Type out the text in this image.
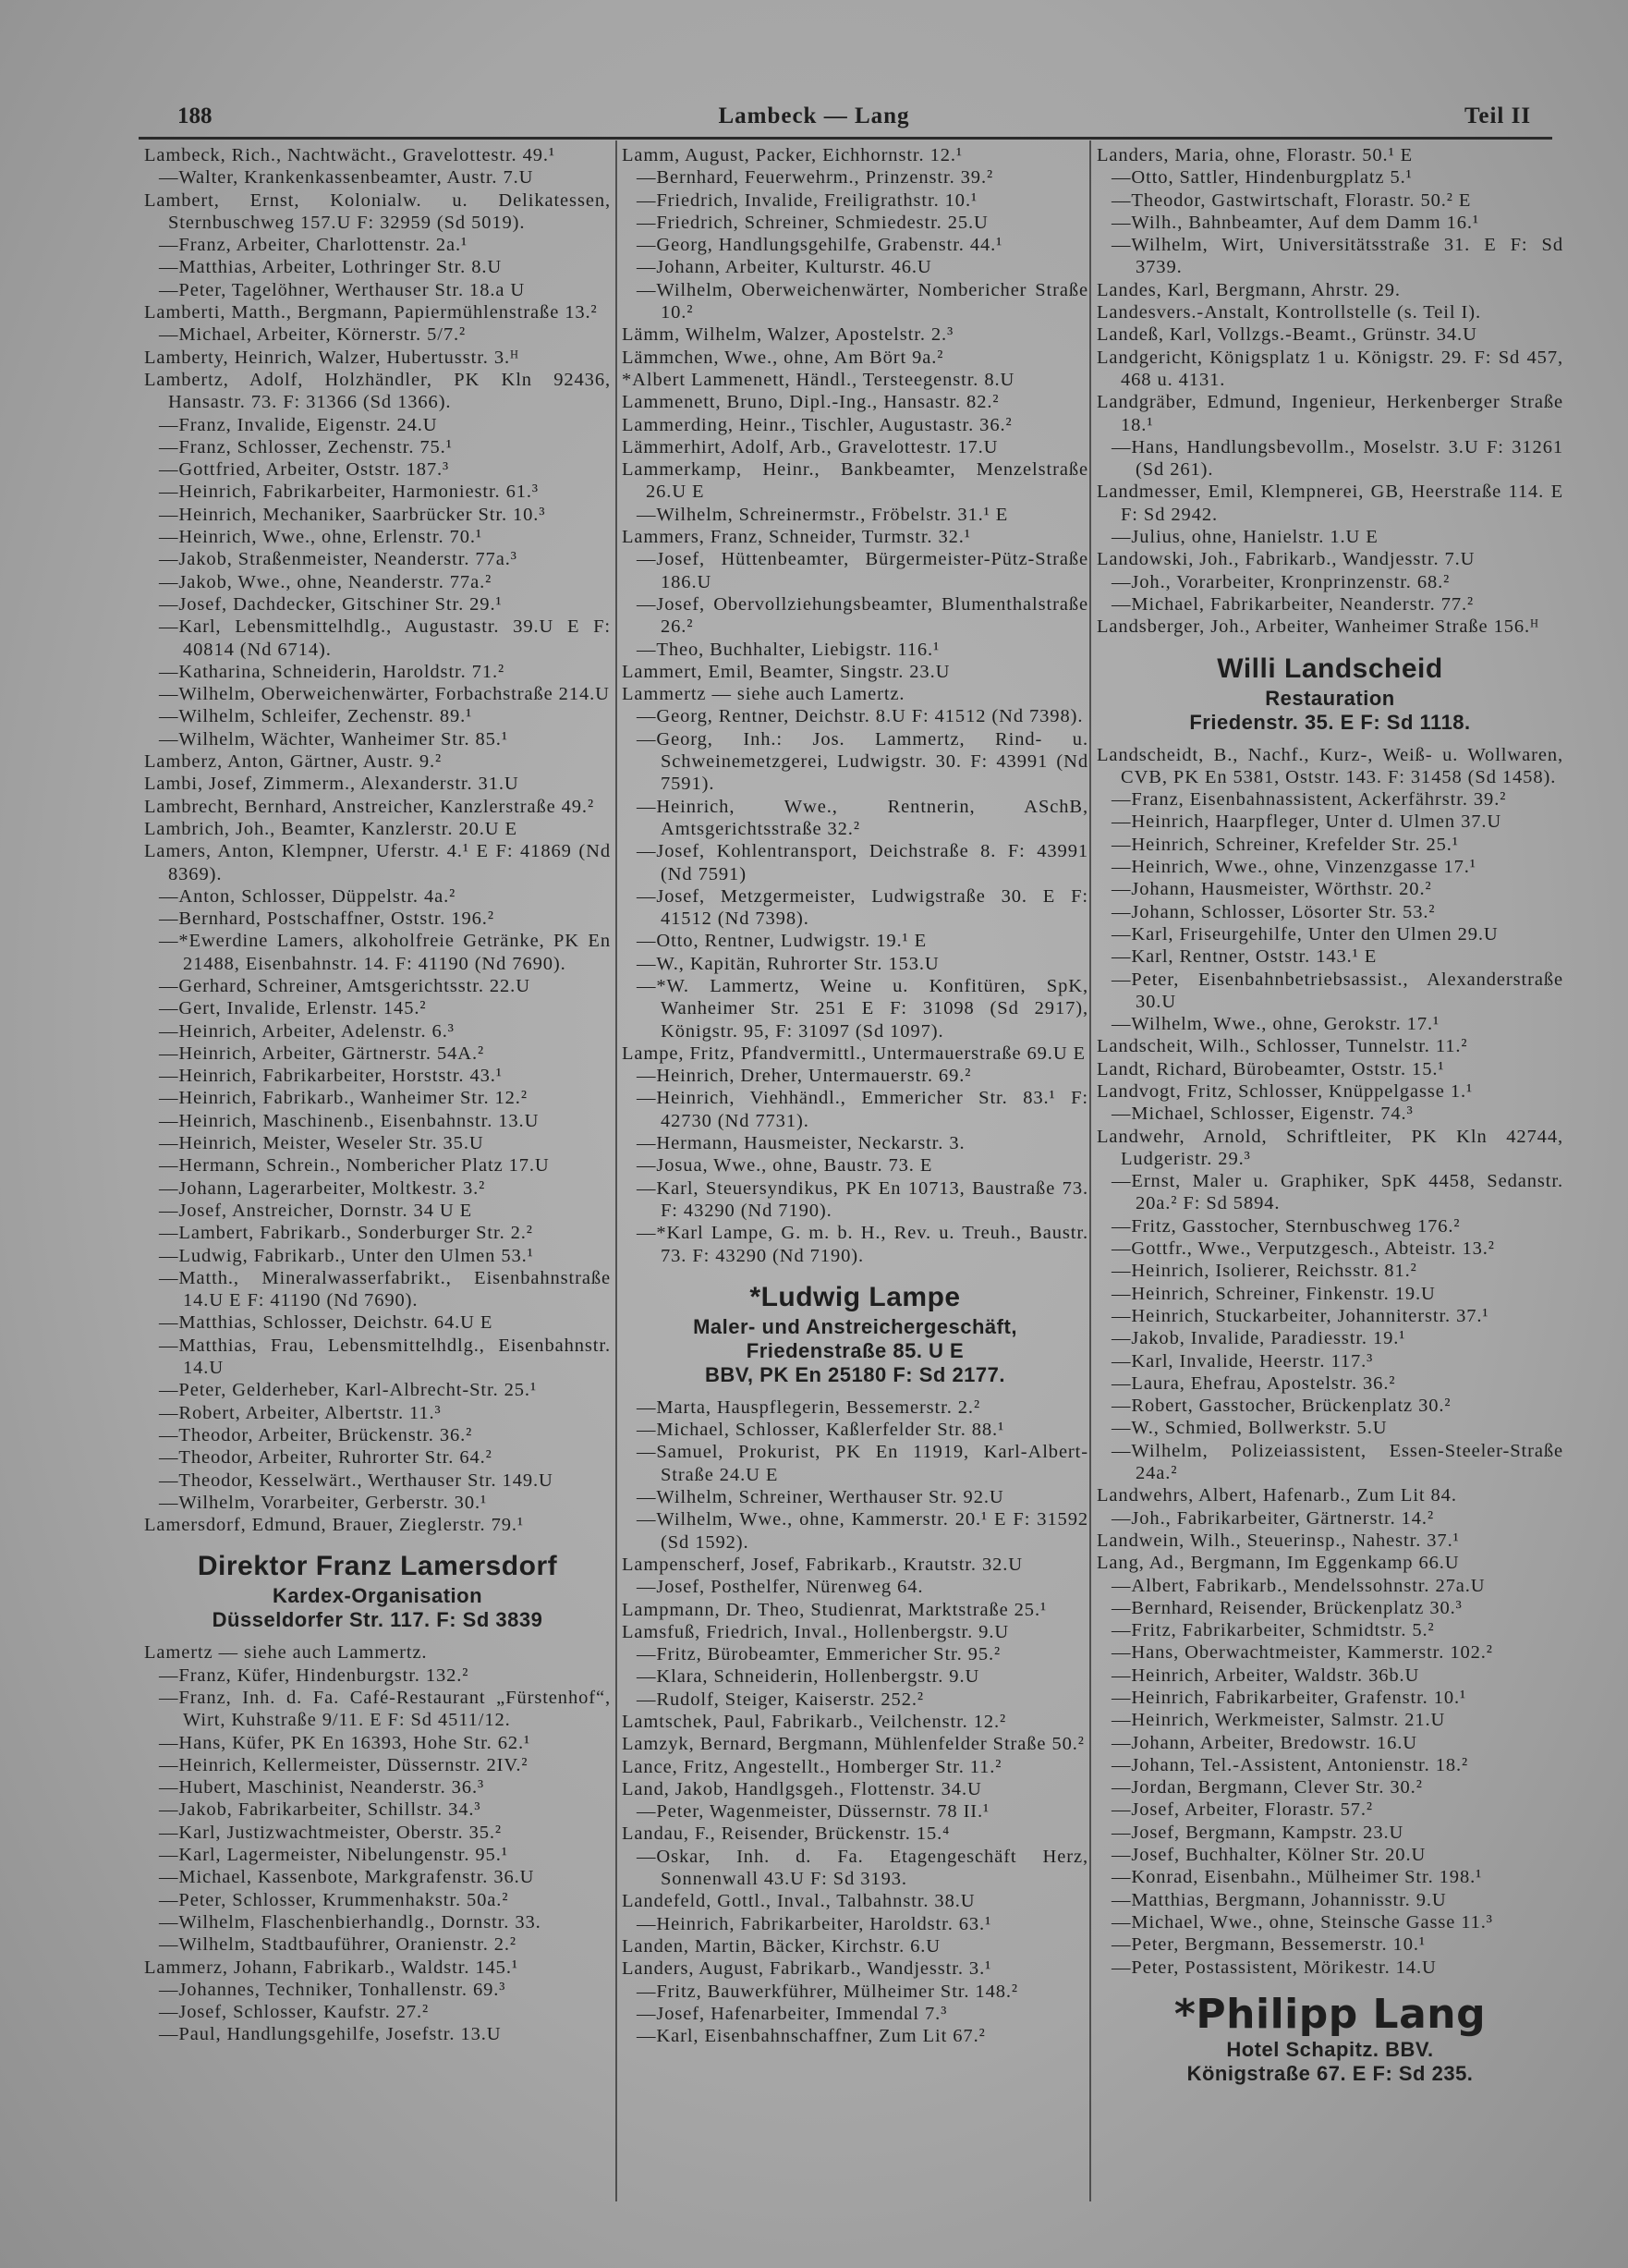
188	Lambeck — Lang	Teil II
Lambeck, Rich., Nachtwächt., Gravelottestr. 49.¹
—Walter, Krankenkassenbeamter, Austr. 7.U
Lambert, Ernst, Kolonialw. u. Delikatessen, Sternbuschweg 157.U F: 32959 (Sd 5019).
—Franz, Arbeiter, Charlottenstr. 2a.¹
—Matthias, Arbeiter, Lothringer Str. 8.U
—Peter, Tagelöhner, Werthauser Str. 18.a U
Lamberti, Matth., Bergmann, Papiermühlenstraße 13.²
—Michael, Arbeiter, Körnerstr. 5/7.²
Lamberty, Heinrich, Walzer, Hubertusstr. 3.ᴴ
Lambertz, Adolf, Holzhändler, PK Kln 92436, Hansastr. 73. F: 31366 (Sd 1366).
—Franz, Invalide, Eigenstr. 24.U
—Franz, Schlosser, Zechenstr. 75.¹
—Gottfried, Arbeiter, Oststr. 187.³
—Heinrich, Fabrikarbeiter, Harmoniestr. 61.³
—Heinrich, Mechaniker, Saarbrücker Str. 10.³
—Heinrich, Wwe., ohne, Erlenstr. 70.¹
—Jakob, Straßenmeister, Neanderstr. 77a.³
—Jakob, Wwe., ohne, Neanderstr. 77a.²
—Josef, Dachdecker, Gitschiner Str. 29.¹
—Karl, Lebensmittelhdlg., Augustastr. 39.U E F: 40814 (Nd 6714).
—Katharina, Schneiderin, Haroldstr. 71.²
—Wilhelm, Oberweichenwärter, Forbachstraße 214.U
—Wilhelm, Schleifer, Zechenstr. 89.¹
—Wilhelm, Wächter, Wanheimer Str. 85.¹
Lamberz, Anton, Gärtner, Austr. 9.²
Lambi, Josef, Zimmerm., Alexanderstr. 31.U
Lambrecht, Bernhard, Anstreicher, Kanzlerstraße 49.²
Lambrich, Joh., Beamter, Kanzlerstr. 20.U E
Lamers, Anton, Klempner, Uferstr. 4.¹ E F: 41869 (Nd 8369).
—Anton, Schlosser, Düppelstr. 4a.²
—Bernhard, Postschaffner, Oststr. 196.²
—*Ewerdine Lamers, alkoholfreie Getränke, PK En 21488, Eisenbahnstr. 14. F: 41190 (Nd 7690).
—Gerhard, Schreiner, Amtsgerichtsstr. 22.U
—Gert, Invalide, Erlenstr. 145.²
—Heinrich, Arbeiter, Adelenstr. 6.³
—Heinrich, Arbeiter, Gärtnerstr. 54A.²
—Heinrich, Fabrikarbeiter, Horststr. 43.¹
—Heinrich, Fabrikarb., Wanheimer Str. 12.²
—Heinrich, Maschinenb., Eisenbahnstr. 13.U
—Heinrich, Meister, Weseler Str. 35.U
—Hermann, Schrein., Nombericher Platz 17.U
—Johann, Lagerarbeiter, Moltkestr. 3.²
—Josef, Anstreicher, Dornstr. 34 U E
—Lambert, Fabrikarb., Sonderburger Str. 2.²
—Ludwig, Fabrikarb., Unter den Ulmen 53.¹
—Matth., Mineralwasserfabrikt., Eisenbahnstraße 14.U E F: 41190 (Nd 7690).
—Matthias, Schlosser, Deichstr. 64.U E
—Matthias, Frau, Lebensmittelhdlg., Eisenbahnstr. 14.U
—Peter, Gelderheber, Karl-Albrecht-Str. 25.¹
—Robert, Arbeiter, Albertstr. 11.³
—Theodor, Arbeiter, Brückenstr. 36.²
—Theodor, Arbeiter, Ruhrorter Str. 64.²
—Theodor, Kesselwärt., Werthauser Str. 149.U
—Wilhelm, Vorarbeiter, Gerberstr. 30.¹
Lamersdorf, Edmund, Brauer, Zieglerstr. 79.¹
Direktor Franz Lamersdorf
Kardex-Organisation
Düsseldorfer Str. 117. F: Sd 3839
Lamertz — siehe auch Lammertz.
—Franz, Küfer, Hindenburgstr. 132.²
—Franz, Inh. d. Fa. Café-Restaurant „Fürstenhof“, Wirt, Kuhstraße 9/11. E F: Sd 4511/12.
—Hans, Küfer, PK En 16393, Hohe Str. 62.¹
—Heinrich, Kellermeister, Düssernstr. 2IV.²
—Hubert, Maschinist, Neanderstr. 36.³
—Jakob, Fabrikarbeiter, Schillstr. 34.³
—Karl, Justizwachtmeister, Oberstr. 35.²
—Karl, Lagermeister, Nibelungenstr. 95.¹
—Michael, Kassenbote, Markgrafenstr. 36.U
—Peter, Schlosser, Krummenhakstr. 50a.²
—Wilhelm, Flaschenbierhandlg., Dornstr. 33.
—Wilhelm, Stadtbauführer, Oranienstr. 2.²
Lammerz, Johann, Fabrikarb., Waldstr. 145.¹
—Johannes, Techniker, Tonhallenstr. 69.³
—Josef, Schlosser, Kaufstr. 27.²
—Paul, Handlungsgehilfe, Josefstr. 13.U
Lamm, August, Packer, Eichhornstr. 12.¹
—Bernhard, Feuerwehrm., Prinzenstr. 39.²
—Friedrich, Invalide, Freiligrathstr. 10.¹
—Friedrich, Schreiner, Schmiedestr. 25.U
—Georg, Handlungsgehilfe, Grabenstr. 44.¹
—Johann, Arbeiter, Kulturstr. 46.U
—Wilhelm, Oberweichenwärter, Nombericher Straße 10.²
Lämm, Wilhelm, Walzer, Apostelstr. 2.³
Lämmchen, Wwe., ohne, Am Bört 9a.²
*Albert Lammenett, Händl., Tersteegenstr. 8.U
Lammenett, Bruno, Dipl.-Ing., Hansastr. 82.²
Lammerding, Heinr., Tischler, Augustastr. 36.²
Lämmerhirt, Adolf, Arb., Gravelottestr. 17.U
Lammerkamp, Heinr., Bankbeamter, Menzelstraße 26.U E
—Wilhelm, Schreinermstr., Fröbelstr. 31.¹ E
Lammers, Franz, Schneider, Turmstr. 32.¹
—Josef, Hüttenbeamter, Bürgermeister-Pütz-Straße 186.U
—Josef, Obervollziehungsbeamter, Blumenthalstraße 26.²
—Theo, Buchhalter, Liebigstr. 116.¹
Lammert, Emil, Beamter, Singstr. 23.U
Lammertz — siehe auch Lamertz.
—Georg, Rentner, Deichstr. 8.U F: 41512 (Nd 7398).
—Georg, Inh.: Jos. Lammertz, Rind- u. Schweinemetzgerei, Ludwigstr. 30. F: 43991 (Nd 7591).
—Heinrich, Wwe., Rentnerin, ASchB, Amtsgerichtsstraße 32.²
—Josef, Kohlentransport, Deichstraße 8. F: 43991 (Nd 7591)
—Josef, Metzgermeister, Ludwigstraße 30. E F: 41512 (Nd 7398).
—Otto, Rentner, Ludwigstr. 19.¹ E
—W., Kapitän, Ruhrorter Str. 153.U
—*W. Lammertz, Weine u. Konfitüren, SpK, Wanheimer Str. 251 E F: 31098 (Sd 2917), Königstr. 95, F: 31097 (Sd 1097).
Lampe, Fritz, Pfandvermittl., Untermauerstraße 69.U E
—Heinrich, Dreher, Untermauerstr. 69.²
—Heinrich, Viehhändl., Emmericher Str. 83.¹ F: 42730 (Nd 7731).
—Hermann, Hausmeister, Neckarstr. 3.
—Josua, Wwe., ohne, Baustr. 73. E
—Karl, Steuersyndikus, PK En 10713, Baustraße 73. F: 43290 (Nd 7190).
—*Karl Lampe, G. m. b. H., Rev. u. Treuh., Baustr. 73. F: 43290 (Nd 7190).
*Ludwig Lampe
Maler- und Anstreichergeschäft,
Friedenstraße 85. U E
BBV, PK En 25180 F: Sd 2177.
—Marta, Hauspflegerin, Bessemerstr. 2.²
—Michael, Schlosser, Kaßlerfelder Str. 88.¹
—Samuel, Prokurist, PK En 11919, Karl-Albert-Straße 24.U E
—Wilhelm, Schreiner, Werthauser Str. 92.U
—Wilhelm, Wwe., ohne, Kammerstr. 20.¹ E F: 31592 (Sd 1592).
Lampenscherf, Josef, Fabrikarb., Krautstr. 32.U
—Josef, Posthelfer, Nürenweg 64.
Lampmann, Dr. Theo, Studienrat, Marktstraße 25.¹
Lamsfuß, Friedrich, Inval., Hollenbergstr. 9.U
—Fritz, Bürobeamter, Emmericher Str. 95.²
—Klara, Schneiderin, Hollenbergstr. 9.U
—Rudolf, Steiger, Kaiserstr. 252.²
Lamtschek, Paul, Fabrikarb., Veilchenstr. 12.²
Lamzyk, Bernard, Bergmann, Mühlenfelder Straße 50.²
Lance, Fritz, Angestellt., Homberger Str. 11.²
Land, Jakob, Handlgsgeh., Flottenstr. 34.U
—Peter, Wagenmeister, Düssernstr. 78 II.¹
Landau, F., Reisender, Brückenstr. 15.⁴
—Oskar, Inh. d. Fa. Etagengeschäft Herz, Sonnenwall 43.U F: Sd 3193.
Landefeld, Gottl., Inval., Talbahnstr. 38.U
—Heinrich, Fabrikarbeiter, Haroldstr. 63.¹
Landen, Martin, Bäcker, Kirchstr. 6.U
Landers, August, Fabrikarb., Wandjesstr. 3.¹
—Fritz, Bauwerkführer, Mülheimer Str. 148.²
—Josef, Hafenarbeiter, Immendal 7.³
—Karl, Eisenbahnschaffner, Zum Lit 67.²
Landers, Maria, ohne, Florastr. 50.¹ E
—Otto, Sattler, Hindenburgplatz 5.¹
—Theodor, Gastwirtschaft, Florastr. 50.² E
—Wilh., Bahnbeamter, Auf dem Damm 16.¹
—Wilhelm, Wirt, Universitätsstraße 31. E F: Sd 3739.
Landes, Karl, Bergmann, Ahrstr. 29.
Landesvers.-Anstalt, Kontrollstelle (s. Teil I).
Landeß, Karl, Vollzgs.-Beamt., Grünstr. 34.U
Landgericht, Königsplatz 1 u. Königstr. 29. F: Sd 457, 468 u. 4131.
Landgräber, Edmund, Ingenieur, Herkenberger Straße 18.¹
—Hans, Handlungsbevollm., Moselstr. 3.U F: 31261 (Sd 261).
Landmesser, Emil, Klempnerei, GB, Heerstraße 114. E F: Sd 2942.
—Julius, ohne, Hanielstr. 1.U E
Landowski, Joh., Fabrikarb., Wandjesstr. 7.U
—Joh., Vorarbeiter, Kronprinzenstr. 68.²
—Michael, Fabrikarbeiter, Neanderstr. 77.²
Landsberger, Joh., Arbeiter, Wanheimer Straße 156.ᴴ
Willi Landscheid
Restauration
Friedenstr. 35. E F: Sd 1118.
Landscheidt, B., Nachf., Kurz-, Weiß- u. Wollwaren, CVB, PK En 5381, Oststr. 143. F: 31458 (Sd 1458).
—Franz, Eisenbahnassistent, Ackerfährstr. 39.²
—Heinrich, Haarpfleger, Unter d. Ulmen 37.U
—Heinrich, Schreiner, Krefelder Str. 25.¹
—Heinrich, Wwe., ohne, Vinzenzgasse 17.¹
—Johann, Hausmeister, Wörthstr. 20.²
—Johann, Schlosser, Lösorter Str. 53.²
—Karl, Friseurgehilfe, Unter den Ulmen 29.U
—Karl, Rentner, Oststr. 143.¹ E
—Peter, Eisenbahnbetriebsassist., Alexanderstraße 30.U
—Wilhelm, Wwe., ohne, Gerokstr. 17.¹
Landscheit, Wilh., Schlosser, Tunnelstr. 11.²
Landt, Richard, Bürobeamter, Oststr. 15.¹
Landvogt, Fritz, Schlosser, Knüppelgasse 1.¹
—Michael, Schlosser, Eigenstr. 74.³
Landwehr, Arnold, Schriftleiter, PK Kln 42744, Ludgeristr. 29.³
—Ernst, Maler u. Graphiker, SpK 4458, Sedanstr. 20a.² F: Sd 5894.
—Fritz, Gasstocher, Sternbuschweg 176.²
—Gottfr., Wwe., Verputzgesch., Abteistr. 13.²
—Heinrich, Isolierer, Reichsstr. 81.²
—Heinrich, Schreiner, Finkenstr. 19.U
—Heinrich, Stuckarbeiter, Johanniterstr. 37.¹
—Jakob, Invalide, Paradiesstr. 19.¹
—Karl, Invalide, Heerstr. 117.³
—Laura, Ehefrau, Apostelstr. 36.²
—Robert, Gasstocher, Brückenplatz 30.²
—W., Schmied, Bollwerkstr. 5.U
—Wilhelm, Polizeiassistent, Essen-Steeler-Straße 24a.²
Landwehrs, Albert, Hafenarb., Zum Lit 84.
—Joh., Fabrikarbeiter, Gärtnerstr. 14.²
Landwein, Wilh., Steuerinsp., Nahestr. 37.¹
Lang, Ad., Bergmann, Im Eggenkamp 66.U
—Albert, Fabrikarb., Mendelssohnstr. 27a.U
—Bernhard, Reisender, Brückenplatz 30.³
—Fritz, Fabrikarbeiter, Schmidtstr. 5.²
—Hans, Oberwachtmeister, Kammerstr. 102.²
—Heinrich, Arbeiter, Waldstr. 36b.U
—Heinrich, Fabrikarbeiter, Grafenstr. 10.¹
—Heinrich, Werkmeister, Salmstr. 21.U
—Johann, Arbeiter, Bredowstr. 16.U
—Johann, Tel.-Assistent, Antonienstr. 18.²
—Jordan, Bergmann, Clever Str. 30.²
—Josef, Arbeiter, Florastr. 57.²
—Josef, Bergmann, Kampstr. 23.U
—Josef, Buchhalter, Kölner Str. 20.U
—Konrad, Eisenbahn., Mülheimer Str. 198.¹
—Matthias, Bergmann, Johannisstr. 9.U
—Michael, Wwe., ohne, Steinsche Gasse 11.³
—Peter, Bergmann, Bessemerstr. 10.¹
—Peter, Postassistent, Mörikestr. 14.U
*Philipp Lang
Hotel Schapitz. BBV.
Königstraße 67. E F: Sd 235.
